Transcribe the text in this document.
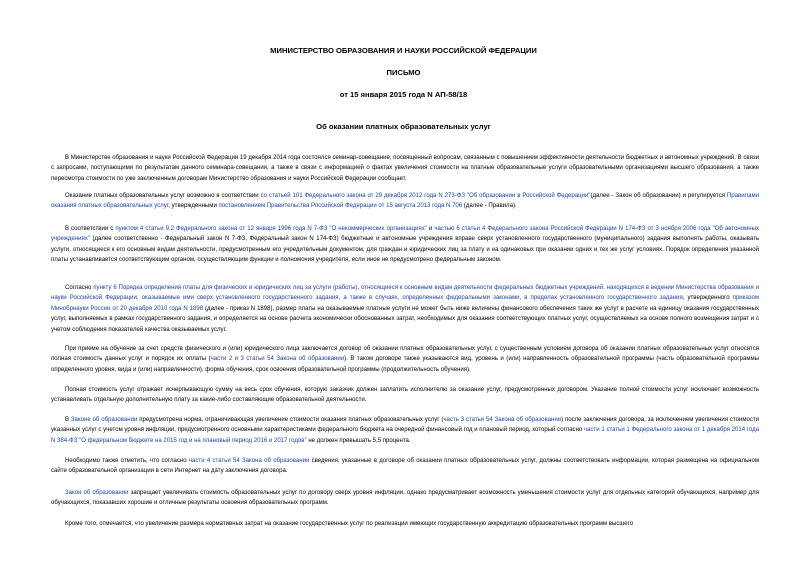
МИНИСТЕРСТВО ОБРАЗОВАНИЯ И НАУКИ РОССИЙСКОЙ ФЕДЕРАЦИИ
ПИСЬМО
от 15 января 2015 года N АП-58/18
Об оказании платных образовательных услуг

В Министерстве образования и науки Российской Федерации 19 декабря 2014 года состоялся семинар-совещание, посвященный вопросам, связанным с повышением эффективности деятельности бюджетных и автономных учреждений. В связи с запросами, поступающими по результатам данного семинара-совещания, а также в связи с информацией о фактах увеличения стоимости на платные образовательные услуги образовательными организациями высшего образования, а также пересмотра стоимости по уже заключенным договорам Министерство образования и науки Российской Федерации сообщает.

Оказание платных образовательных услуг возможно в соответствии со статьей 101 Федерального закона от 29 декабря 2012 года N 273-ФЗ "Об образовании в Российской Федерации"(далее - Закон об образовании) и регулируется Правилами оказания платных образовательных услуг, утвержденными постановлением Правительства Российской Федерации от 15 августа 2013 года N 706 (далее - Правила).

В соответствии с пунктом 4 статьи 9.2 Федерального закона от 12 января 1996 года N 7-ФЗ "О некоммерческих организациях" и частью 6 статьи 4 Федерального закона Российской Федерации N 174-ФЗ от 3 ноября 2006 года "Об автономных учреждениях" (далее соответственно - Федеральный закон N 7-ФЗ, Федеральный закон N 174-ФЗ) бюджетные и автономные учреждения вправе сверх установленного государственного (муниципального) задания выполнять работы, оказывать услуги, относящиеся к его основным видам деятельности, предусмотренным его учредительным документом, для граждан и юридических лиц за плату и на одинаковых при оказании одних и тех же услуг условиях. Порядок определения указанной платы устанавливается соответствующим органом, осуществляющим функции и полномочия учредителя, если иное не предусмотрено федеральным законом.

Согласно пункту 6 Порядка определения платы для физических и юридических лиц за услуги (работы), относящиеся к основным видам деятельности федеральных бюджетных учреждений, находящихся в ведении Министерства образования и науки Российской Федерации, оказываемые ими сверх установленного государственного задания, а также в случаях, определенных федеральными законами, в пределах установленного государственного задания, утвержденного приказом Минобрнауки России от 20 декабря 2010 года N 1898 (далее - приказ N 1898), размер платы на оказываемые платные услуги не может быть ниже величины финансового обеспечения таких же услуг в расчете на единицу оказания государственных услуг, выполняемых в рамках государственного задания, и определяется на основе расчета экономически обоснованных затрат, необходимых для оказания соответствующих платных услуг, осуществляемых на основе полного возмещения затрат и с учетом соблюдения показателей качества оказываемых услуг.

При приеме на обучение за счет средств физического и (или) юридического лица заключается договор об оказании платных образовательных услуг, с существенным условием договора об оказании платных образовательных услуг относятся полная стоимость данных услуг и порядок их оплаты (части 2 и 3 статьи 54 Закона об образовании). В таком договоре также указываются вид, уровень и (или) направленность образовательной программы (часть образовательной программы определенного уровня, вида и (или) направленности), форма обучения, срок освоения образовательной программы (продолжительность обучения).

Полная стоимость услуг отражает исчерпывающую сумму на весь срок обучения, которую заказчик должен заплатить исполнителю за оказание услуг, предусмотренных договором. Указание полной стоимости услуг исключает возможность устанавливать отдельную дополнительную плату за какие-либо составляющие образовательной деятельности.

В Законе об образовании предусмотрена норма, ограничивающая увеличение стоимости оказания платных образовательных услуг (часть 3 статьи 54 Закона об образовании) после заключения договора, за исключением увеличения стоимости указанных услуг с учетом уровня инфляции, предусмотренного основными характеристиками федерального бюджета на очередной финансовый год и плановый период, который согласно части 1 статьи 1 Федерального закона от 1 декабря 2014 года N 384-ФЗ "О федеральном бюджете на 2015 год и на плановый период 2016 и 2017 годов" не должен превышать 5,5 процента.

Необходимо также отметить, что согласно части 4 статьи 54 Закона об образовании сведения, указанные в договоре об оказании платных образовательных услуг, должны соответствовать информации, которая размещена на официальном сайте образовательной организации в сети Интернет на дату заключения договора.

Закон об образовании запрещает увеличивать стоимость образовательных услуг по договору сверх уровня инфляции, однако предусматривает возможность уменьшения стоимости услуг для отдельных категорий обучающихся, например для обучающихся, показавших хорошие и отличные результаты освоения образовательных программ.

Кроме того, отмечается, что увеличение размера нормативных затрат на оказание государственных услуг по реализации имеющих государственную аккредитацию образовательных программ высшего
